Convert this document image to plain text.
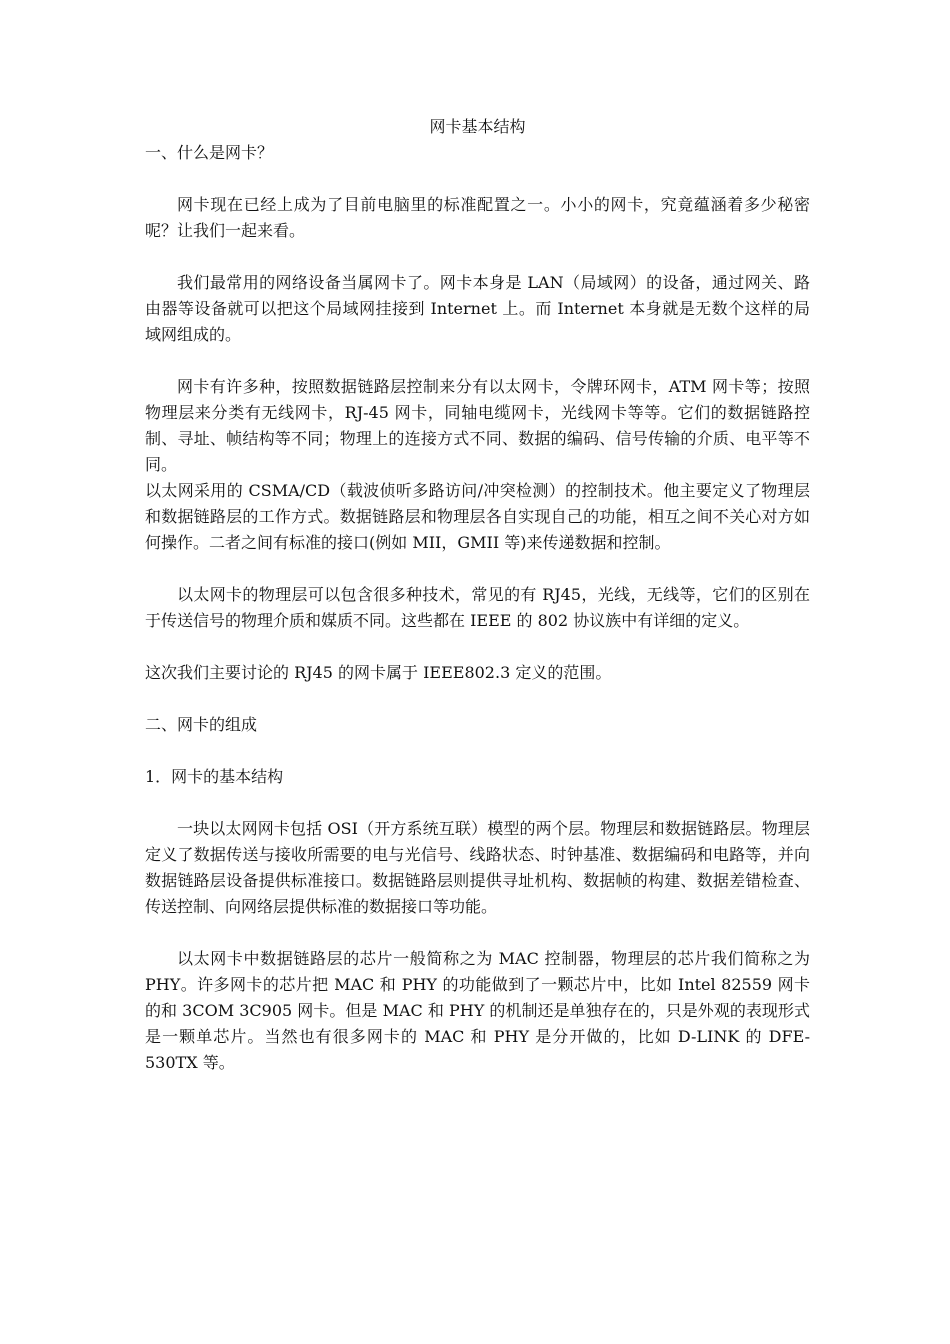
网卡基本结构

一、什么是网卡？

网卡现在已经上成为了目前电脑里的标准配置之一。小小的网卡，究竟蕴涵着多少秘密呢？让我们一起来看。

我们最常用的网络设备当属网卡了。网卡本身是 LAN（局域网）的设备，通过网关、路由器等设备就可以把这个局域网挂接到 Internet 上。而 Internet 本身就是无数个这样的局域网组成的。

网卡有许多种，按照数据链路层控制来分有以太网卡，令牌环网卡，ATM 网卡等；按照物理层来分类有无线网卡，RJ-45 网卡，同轴电缆网卡，光线网卡等等。它们的数据链路控制、寻址、帧结构等不同；物理上的连接方式不同、数据的编码、信号传输的介质、电平等不同。

以太网采用的 CSMA/CD（载波侦听多路访问/冲突检测）的控制技术。他主要定义了物理层和数据链路层的工作方式。数据链路层和物理层各自实现自己的功能，相互之间不关心对方如何操作。二者之间有标准的接口(例如 MII，GMII 等)来传递数据和控制。

以太网卡的物理层可以包含很多种技术，常见的有 RJ45，光线，无线等，它们的区别在于传送信号的物理介质和媒质不同。这些都在 IEEE 的 802 协议族中有详细的定义。

这次我们主要讨论的 RJ45 的网卡属于 IEEE802.3 定义的范围。

二、网卡的组成

1．网卡的基本结构

一块以太网网卡包括 OSI（开方系统互联）模型的两个层。物理层和数据链路层。物理层定义了数据传送与接收所需要的电与光信号、线路状态、时钟基准、数据编码和电路等，并向数据链路层设备提供标准接口。数据链路层则提供寻址机构、数据帧的构建、数据差错检查、传送控制、向网络层提供标准的数据接口等功能。

以太网卡中数据链路层的芯片一般简称之为 MAC 控制器，物理层的芯片我们简称之为 PHY。许多网卡的芯片把 MAC 和 PHY 的功能做到了一颗芯片中，比如 Intel 82559 网卡的和 3COM 3C905 网卡。但是 MAC 和 PHY 的机制还是单独存在的，只是外观的表现形式是一颗单芯片。当然也有很多网卡的 MAC 和 PHY 是分开做的，比如 D-LINK 的 DFE-530TX 等。
